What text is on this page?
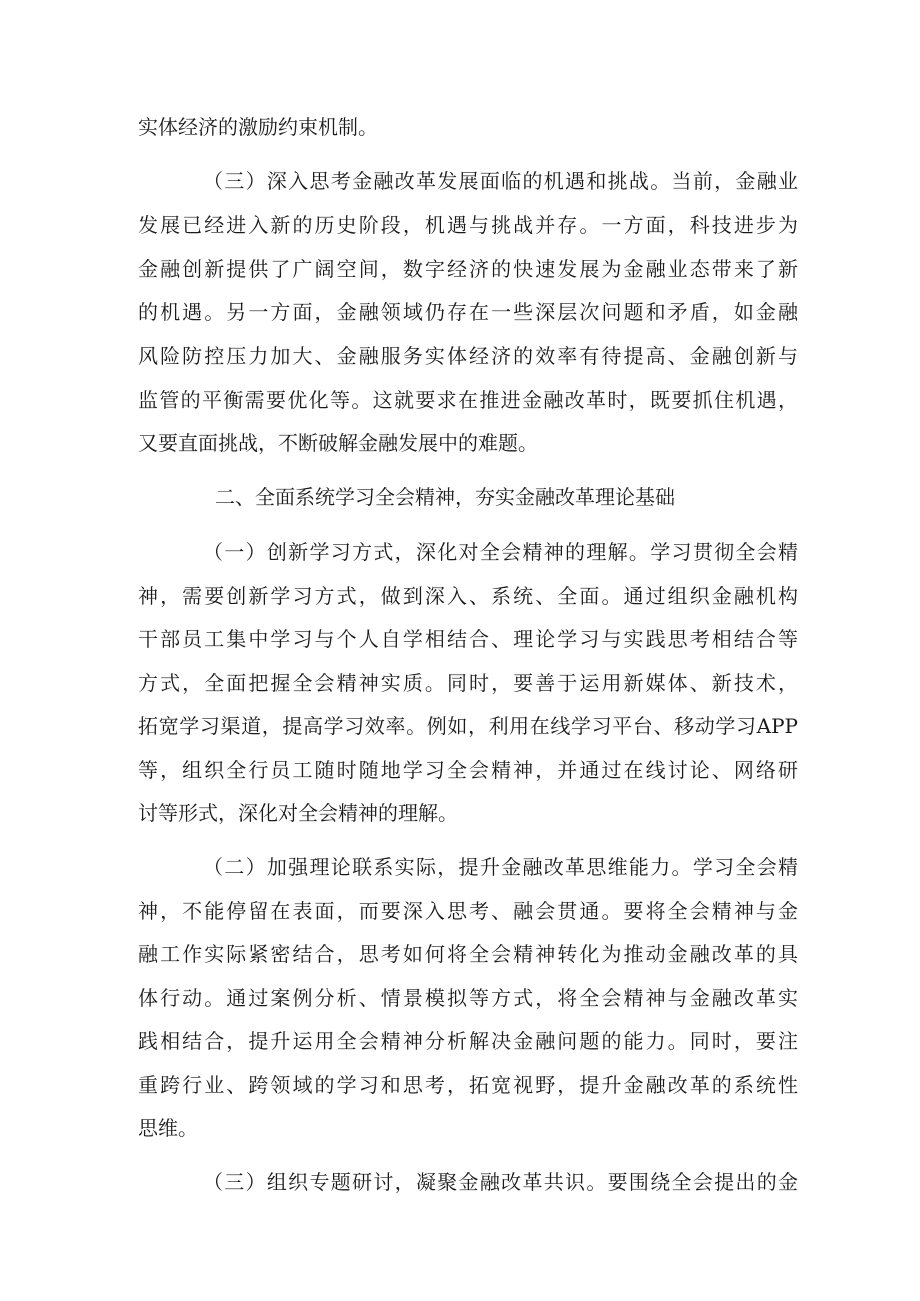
实体经济的激励约束机制。
（三）深入思考金融改革发展面临的机遇和挑战。当前，金融业
发展已经进入新的历史阶段，机遇与挑战并存。一方面，科技进步为
金融创新提供了广阔空间，数字经济的快速发展为金融业态带来了新
的机遇。另一方面，金融领域仍存在一些深层次问题和矛盾，如金融
风险防控压力加大、金融服务实体经济的效率有待提高、金融创新与
监管的平衡需要优化等。这就要求在推进金融改革时，既要抓住机遇，
又要直面挑战，不断破解金融发展中的难题。
二、全面系统学习全会精神，夯实金融改革理论基础
（一）创新学习方式，深化对全会精神的理解。学习贯彻全会精
神，需要创新学习方式，做到深入、系统、全面。通过组织金融机构
干部员工集中学习与个人自学相结合、理论学习与实践思考相结合等
方式，全面把握全会精神实质。同时，要善于运用新媒体、新技术，
拓宽学习渠道，提高学习效率。例如，利用在线学习平台、移动学习APP
等，组织全行员工随时随地学习全会精神，并通过在线讨论、网络研
讨等形式，深化对全会精神的理解。
（二）加强理论联系实际，提升金融改革思维能力。学习全会精
神，不能停留在表面，而要深入思考、融会贯通。要将全会精神与金
融工作实际紧密结合，思考如何将全会精神转化为推动金融改革的具
体行动。通过案例分析、情景模拟等方式，将全会精神与金融改革实
践相结合，提升运用全会精神分析解决金融问题的能力。同时，要注
重跨行业、跨领域的学习和思考，拓宽视野，提升金融改革的系统性
思维。
（三）组织专题研讨，凝聚金融改革共识。要围绕全会提出的金
